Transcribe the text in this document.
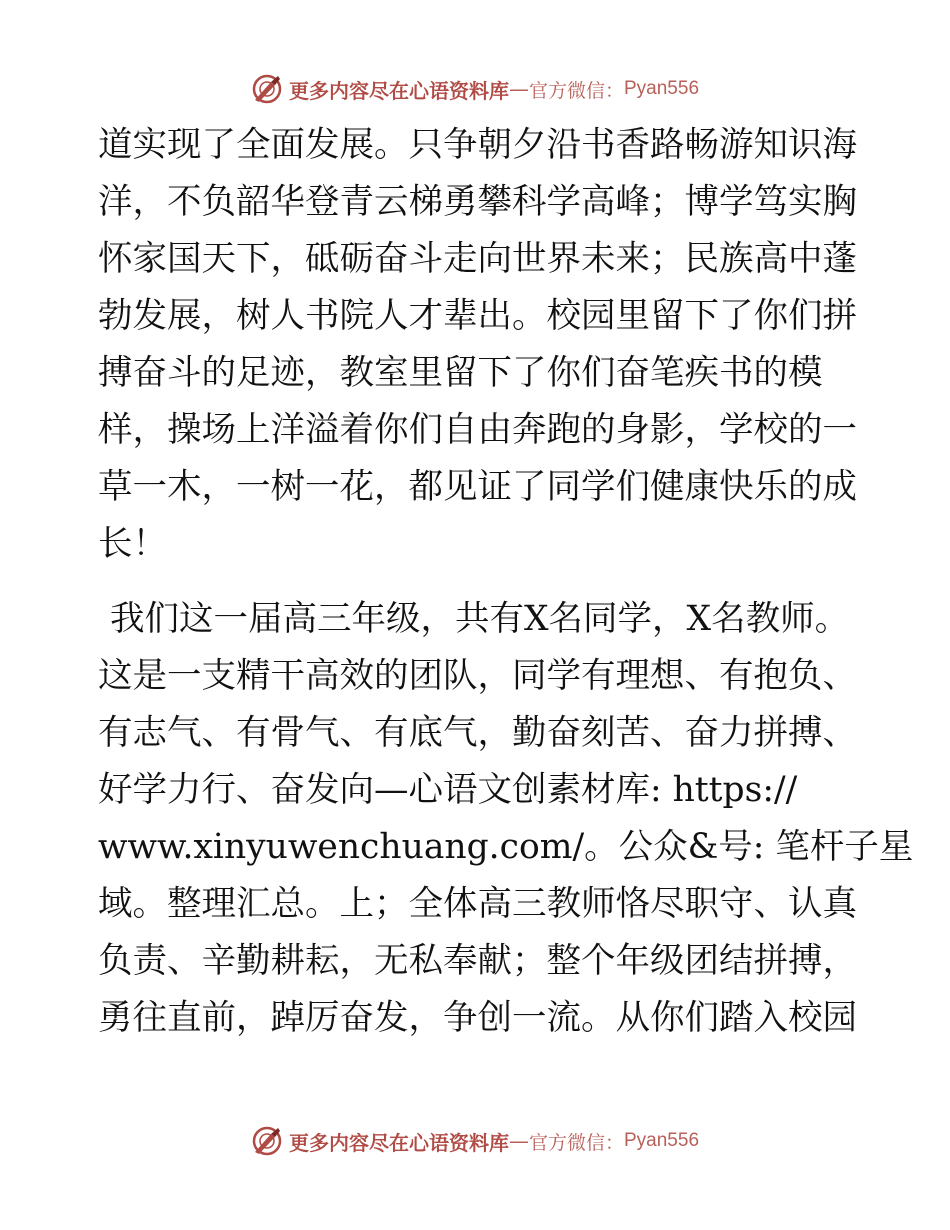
更多内容尽在心语资料库 — 官方微信： Pyan556
道实现了全面发展。只争朝夕沿书香路畅游知识海
洋，不负韶华登青云梯勇攀科学高峰；博学笃实胸
怀家国天下，砥砺奋斗走向世界未来；民族高中蓬
勃发展，树人书院人才辈出。校园里留下了你们拼
搏奋斗的足迹，教室里留下了你们奋笔疾书的模
样，操场上洋溢着你们自由奔跑的身影，学校的一
草一木，一树一花，都见证了同学们健康快乐的成
长！
我们这一届高三年级，共有X名同学，X名教师。
这是一支精干高效的团队，同学有理想、有抱负、
有志气、有骨气、有底气，勤奋刻苦、奋力拼搏、
好学力行、奋发向—心语文创素材库: https://
www.xinyuwenchuang.com/。公众&号: 笔杆子星
域。整理汇总。上；全体高三教师恪尽职守、认真
负责、辛勤耕耘，无私奉献；整个年级团结拼搏，
勇往直前，踔厉奋发，争创一流。从你们踏入校园
更多内容尽在心语资料库 — 官方微信： Pyan556
